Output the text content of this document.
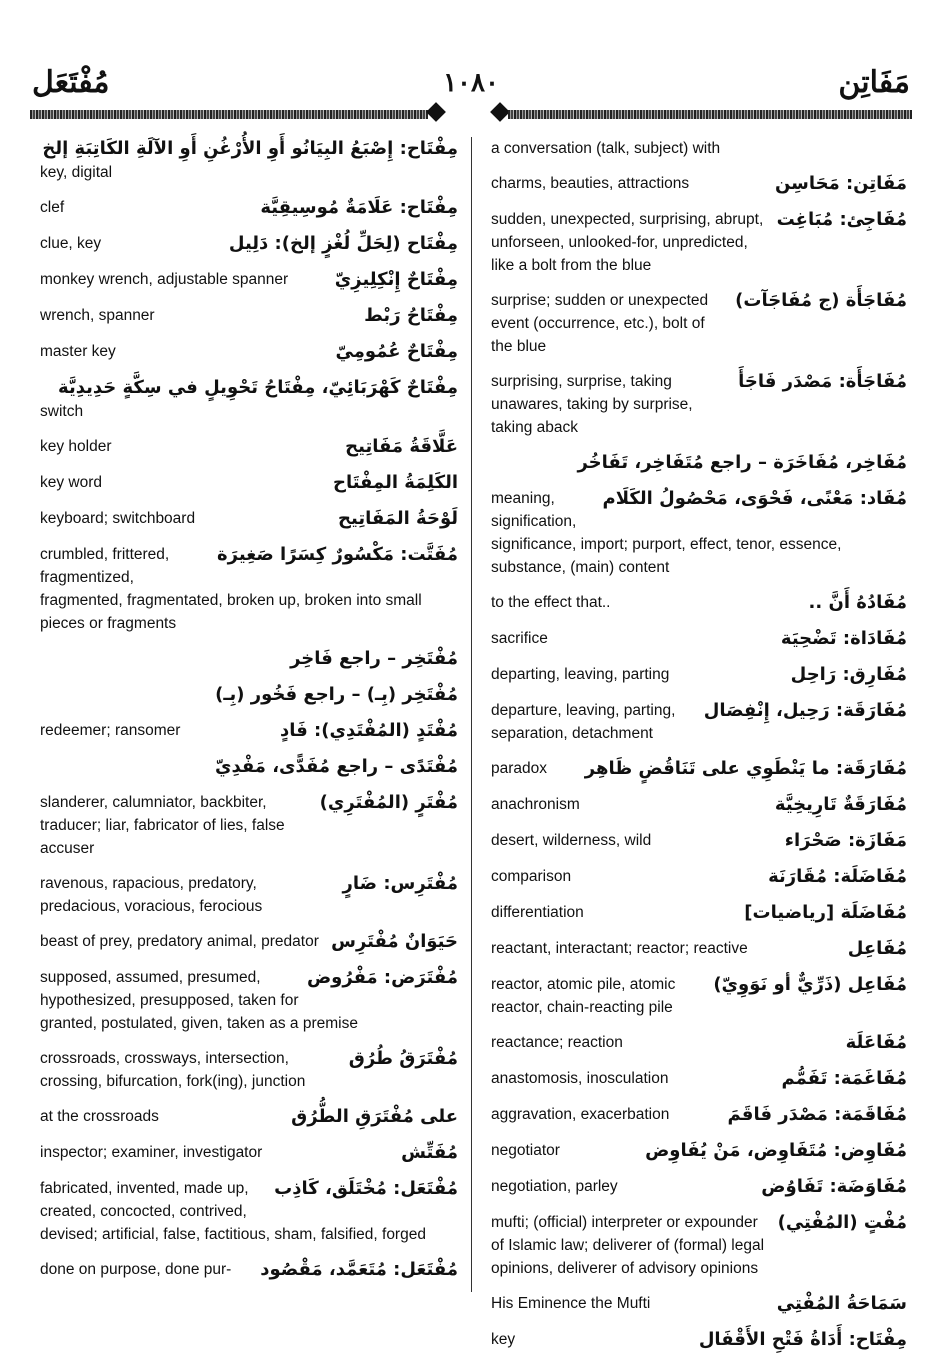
مُفْتَعَل	١٠٨٠	مَفَاتِن
مِفْتَاح: إِصْبَعُ البِيَانُو أَوِ الأُرْغُنِ أَوِ الآلَةِ الكَاتِبَةِ إلخ
key, digital
مِفْتَاح: عَلَامَةٌ مُوسِيقِيَّة
clef
مِفْتَاح (لِحَلِّ لُغْزٍ إلخ): دَلِيل
clue, key
مِفْتَاحٌ إِنْكِلِيزِيّ
monkey wrench, adjustable spanner
مِفْتَاحُ رَبْط
wrench, spanner
مِفْتَاحٌ عُمُومِيّ
master key
مِفْتَاحٌ كَهْرَبَائِيّ، مِفْتَاحُ تَحْوِيلٍ في سِكَّةٍ حَدِيدِيَّة
switch
عَلَّاقَةُ مَفَاتِيح
key holder
الكَلِمَةُ المِفْتَاح
key word
لَوْحَةُ المَفَاتِيح
keyboard; switchboard
مُفَتَّت: مَكْسُورٌ كِسَرًا صَغِيرَة
crumbled, frittered, fragmentized, fragmented, fragmentated, broken up, broken into small pieces or fragments
مُفْتَخِر – راجع فَاخِر
مُفْتَخِر (بِـ) – راجع فَخُور (بِـ)
مُفْتَدٍ (المُفْتَدِي): فَادٍ
redeemer; ransomer
مُفْتَدًى – راجع مُفَدًّى، مَفْدِيّ
مُفْتَرٍ (المُفْتَرِي)
slanderer, calumniator, backbiter, traducer; liar, fabricator of lies, false accuser
مُفْتَرِس: ضَارٍ
ravenous, rapacious, predatory, predacious, voracious, ferocious
حَيَوَانٌ مُفْتَرِس
beast of prey, predatory animal, predator
مُفْتَرَض: مَفْرُوض
supposed, assumed, presumed, hypothesized, presupposed, taken for granted, postulated, given, taken as a premise
مُفْتَرَقُ طُرُق
crossroads, crossways, intersection, crossing, bifurcation, fork(ing), junction
على مُفْتَرَقِ الطُّرُق
at the crossroads
مُفَتِّش
inspector; examiner, investigator
مُفْتَعَل: مُخْتَلَق، كَاذِب
fabricated, invented, made up, created, concocted, contrived, devised; artificial, false, factitious, sham, falsified, forged
مُفْتَعَل: مُتَعَمَّد، مَقْصُود
done on purpose, done pur-
a conversation (talk, subject) with
مَفَاتِن: مَحَاسِن
charms, beauties, attractions
مُفَاجِئ: مُبَاغِت
sudden, unexpected, surprising, abrupt, unforseen, unlooked-for, unpredicted, like a bolt from the blue
مُفَاجَأَة (ج مُفَاجَآت)
surprise; sudden or unexpected event (occurrence, etc.), bolt of the blue
مُفَاجَأَة: مَصْدَر فَاجَأَ
surprising, surprise, taking unawares, taking by surprise, taking aback
مُفَاخِر، مُفَاخَرَة – راجع مُتَفَاخِر، تَفَاخُر
مُفَاد: مَعْنًى، فَحْوَى، مَحْصُولُ الكَلَام
meaning, signification, significance, import; purport, effect, tenor, essence, substance, (main) content
مُفَادُهُ أَنَّ ..
to the effect that..
مُفَادَاة: تَضْحِيَة
sacrifice
مُفَارِق: رَاحِل
departing, leaving, parting
مُفَارَقَة: رَحِيل، إِنْفِصَال
departure, leaving, parting, separation, detachment
مُفَارَقَة: ما يَنْطَوِي على تَنَاقُضٍ ظَاهِر
paradox
مُفَارَقَةٌ تَارِيخِيَّة
anachronism
مَفَازَة: صَحْرَاء
desert, wilderness, wild
مُفَاضَلَة: مُقَارَنَة
comparison
مُفَاضَلَة [رياضيات]
differentiation
مُفَاعِل
reactant, interactant; reactor; reactive
مُفَاعِل (ذَرِّيٌّ أو نَوَوِيّ)
reactor, atomic pile, atomic reactor, chain-reacting pile
مُفَاعَلَة
reactance; reaction
مُفَاغَمَة: تَفَمُّم
anastomosis, inosculation
مُفَاقَمَة: مَصْدَر فَاقَمَ
aggravation, exacerbation
مُفَاوِض: مُتَفَاوِض، مَنْ يُفَاوِض
negotiator
مُفَاوَضَة: تَفَاوُض
negotiation, parley
مُفْتٍ (المُفْتِي)
mufti; (official) interpreter or expounder of Islamic law; deliverer of (formal) legal opinions, deliverer of advisory opinions
سَمَاحَةُ المُفْتِي
His Eminence the Mufti
مِفْتَاح: أَدَاةُ فَتْحِ الأَقْفَال
key
